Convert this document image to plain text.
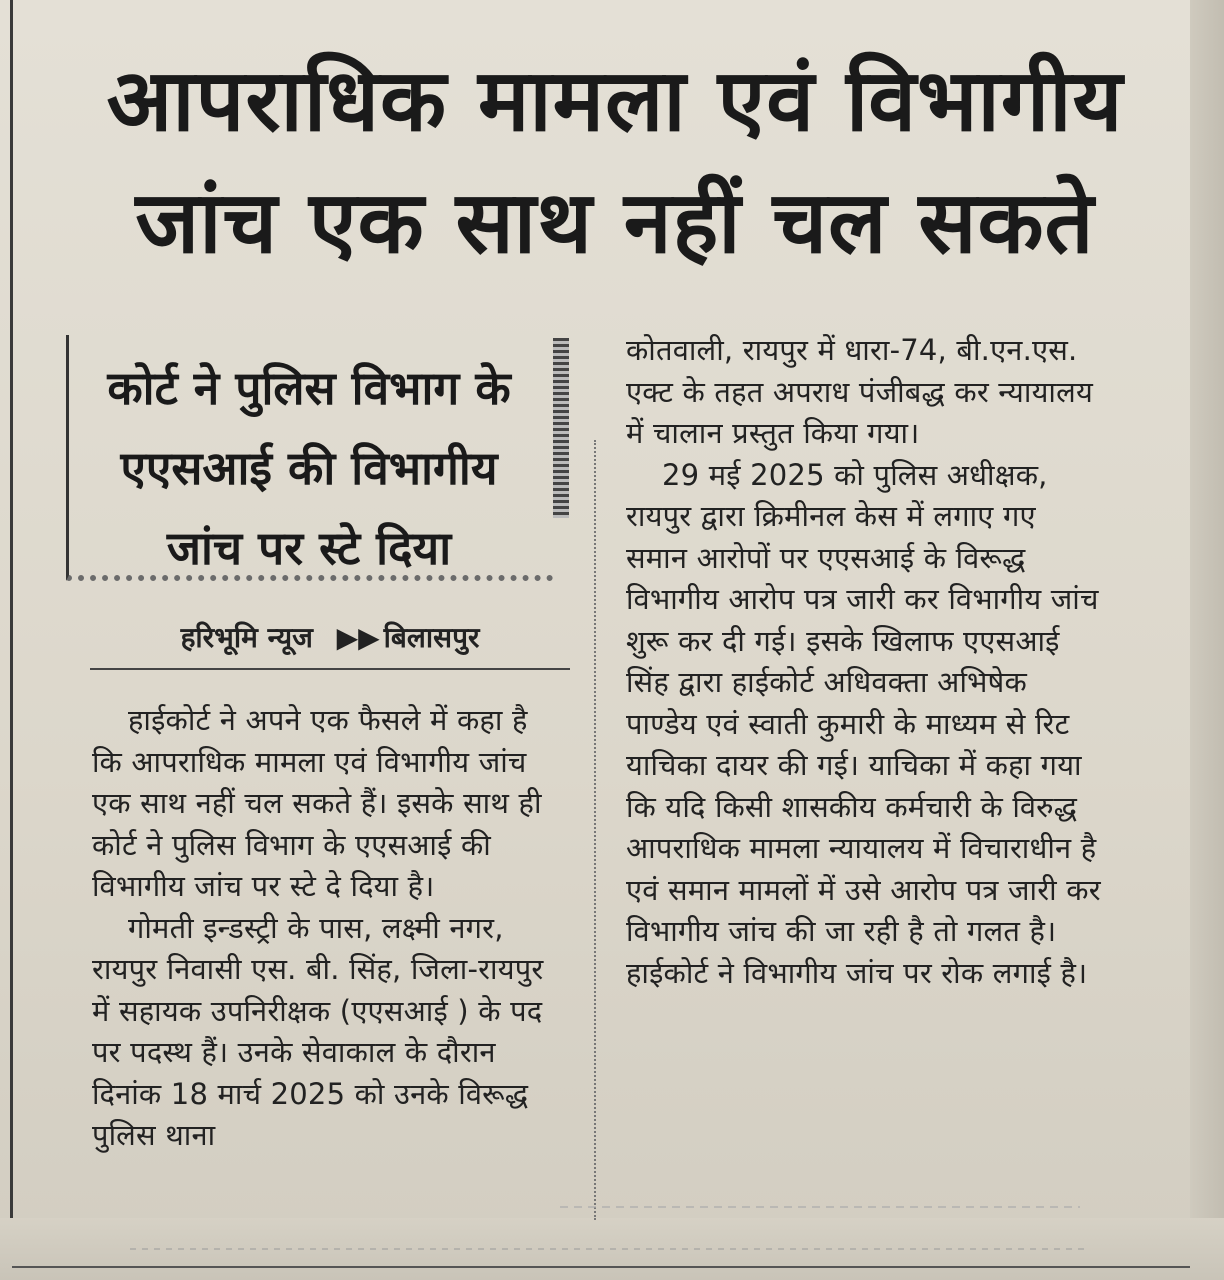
आपराधिक मामला एवं विभागीय
जांच एक साथ नहीं चल सकते
कोर्ट ने पुलिस विभाग के
एएसआई की विभागीय
जांच पर स्टे दिया
हरिभूमि न्यूज ▶▶ बिलासपुर

हाईकोर्ट ने अपने एक फैसले में कहा है कि आपराधिक मामला एवं विभागीय जांच एक साथ नहीं चल सकते हैं। इसके साथ ही कोर्ट ने पुलिस विभाग के एएसआई की विभागीय जांच पर स्टे दे दिया है।

गोमती इन्डस्ट्री के पास, लक्ष्मी नगर, रायपुर निवासी एस. बी. सिंह, जिला-रायपुर में सहायक उपनिरीक्षक (एएसआई ) के पद पर पदस्थ हैं। उनके सेवाकाल के दौरान दिनांक 18 मार्च 2025 को उनके विरूद्ध पुलिस थाना

कोतवाली, रायपुर में धारा-74, बी.एन.एस. एक्ट के तहत अपराध पंजीबद्ध कर न्यायालय में चालान प्रस्तुत किया गया।

29 मई 2025 को पुलिस अधीक्षक, रायपुर द्वारा क्रिमीनल केस में लगाए गए समान आरोपों पर एएसआई के विरूद्ध विभागीय आरोप पत्र जारी कर विभागीय जांच शुरू कर दी गई। इसके खिलाफ एएसआई सिंह द्वारा हाईकोर्ट अधिवक्ता अभिषेक पाण्डेय एवं स्वाती कुमारी के माध्यम से रिट याचिका दायर की गई। याचिका में कहा गया कि यदि किसी शासकीय कर्मचारी के विरुद्ध आपराधिक मामला न्यायालय में विचाराधीन है एवं समान मामलों में उसे आरोप पत्र जारी कर विभागीय जांच की जा रही है तो गलत है। हाईकोर्ट ने विभागीय जांच पर रोक लगाई है।
